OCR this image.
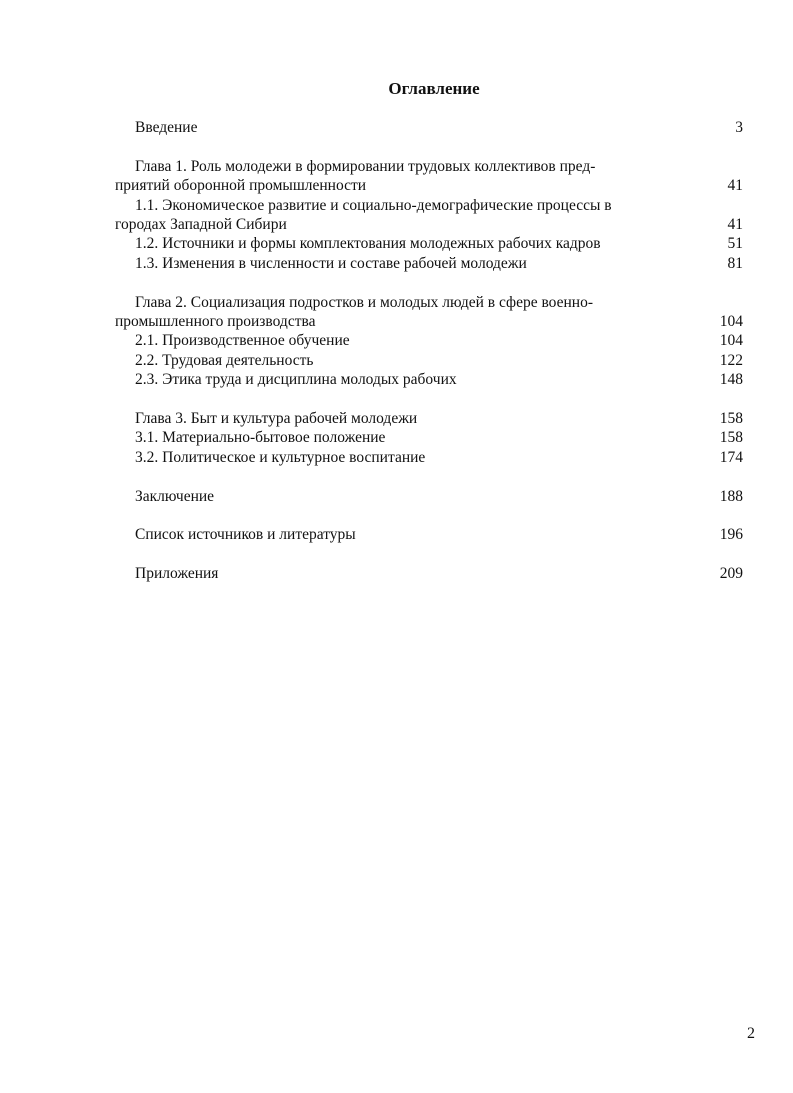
Оглавление
Введение	3
Глава 1. Роль молодежи в формировании трудовых коллективов пред-
приятий оборонной промышленности	41
1.1. Экономическое развитие и социально-демографические процессы в
городах Западной Сибири	41
1.2. Источники и формы комплектования молодежных рабочих кадров	51
1.3. Изменения в численности и составе рабочей молодежи	81
Глава 2. Социализация подростков и молодых людей в сфере военно-
промышленного производства	104
2.1. Производственное обучение	104
2.2. Трудовая деятельность	122
2.3. Этика труда и дисциплина молодых рабочих	148
Глава 3. Быт и культура рабочей молодежи	158
3.1. Материально-бытовое положение	158
3.2. Политическое и культурное воспитание	174
Заключение	188
Список источников и литературы	196
Приложения	209
2
